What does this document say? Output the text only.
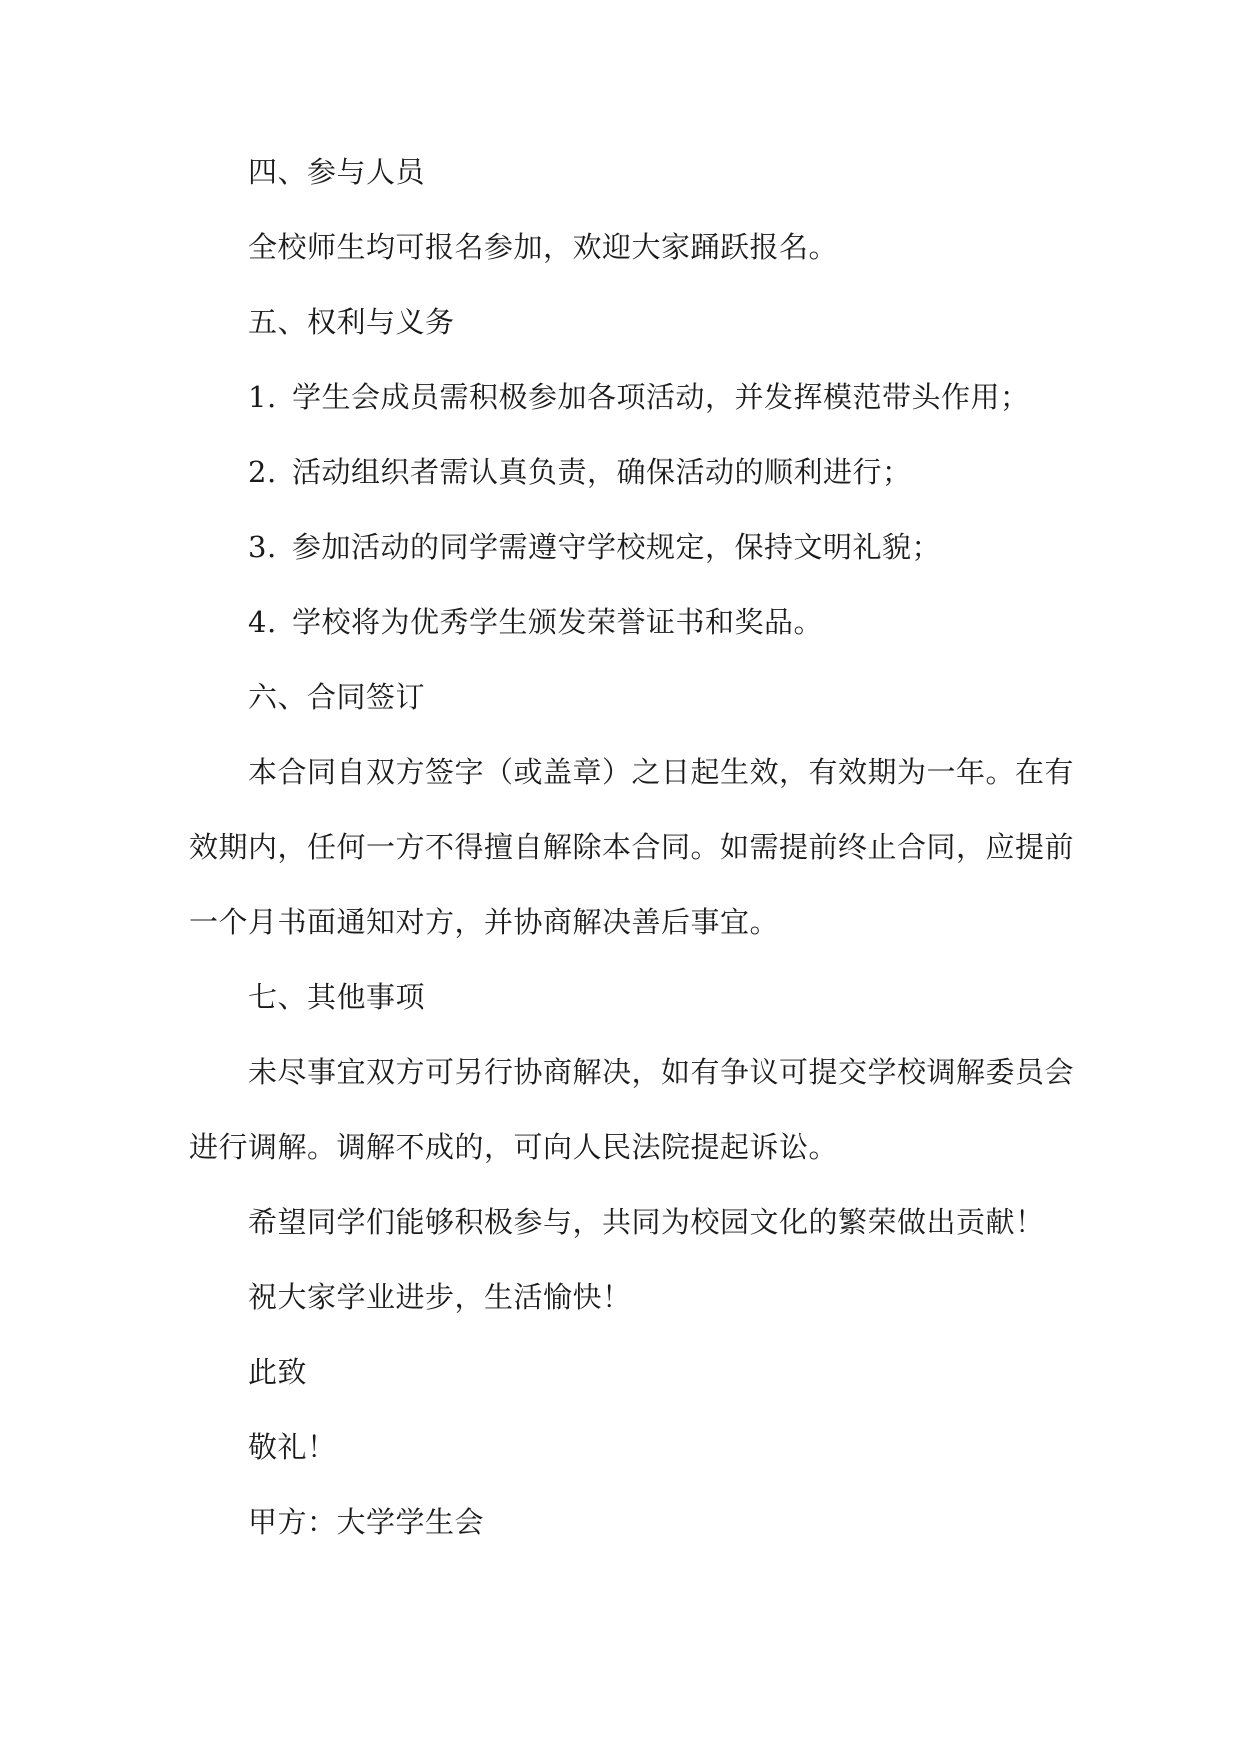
四、参与人员
全校师生均可报名参加，欢迎大家踊跃报名。
五、权利与义务
1. 学生会成员需积极参加各项活动，并发挥模范带头作用；
2. 活动组织者需认真负责，确保活动的顺利进行；
3. 参加活动的同学需遵守学校规定，保持文明礼貌；
4. 学校将为优秀学生颁发荣誉证书和奖品。
六、合同签订
本合同自双方签字（或盖章）之日起生效，有效期为一年。在有
效期内，任何一方不得擅自解除本合同。如需提前终止合同，应提前
一个月书面通知对方，并协商解决善后事宜。
七、其他事项
未尽事宜双方可另行协商解决，如有争议可提交学校调解委员会
进行调解。调解不成的，可向人民法院提起诉讼。
希望同学们能够积极参与，共同为校园文化的繁荣做出贡献！
祝大家学业进步，生活愉快！
此致
敬礼！
甲方：大学学生会
